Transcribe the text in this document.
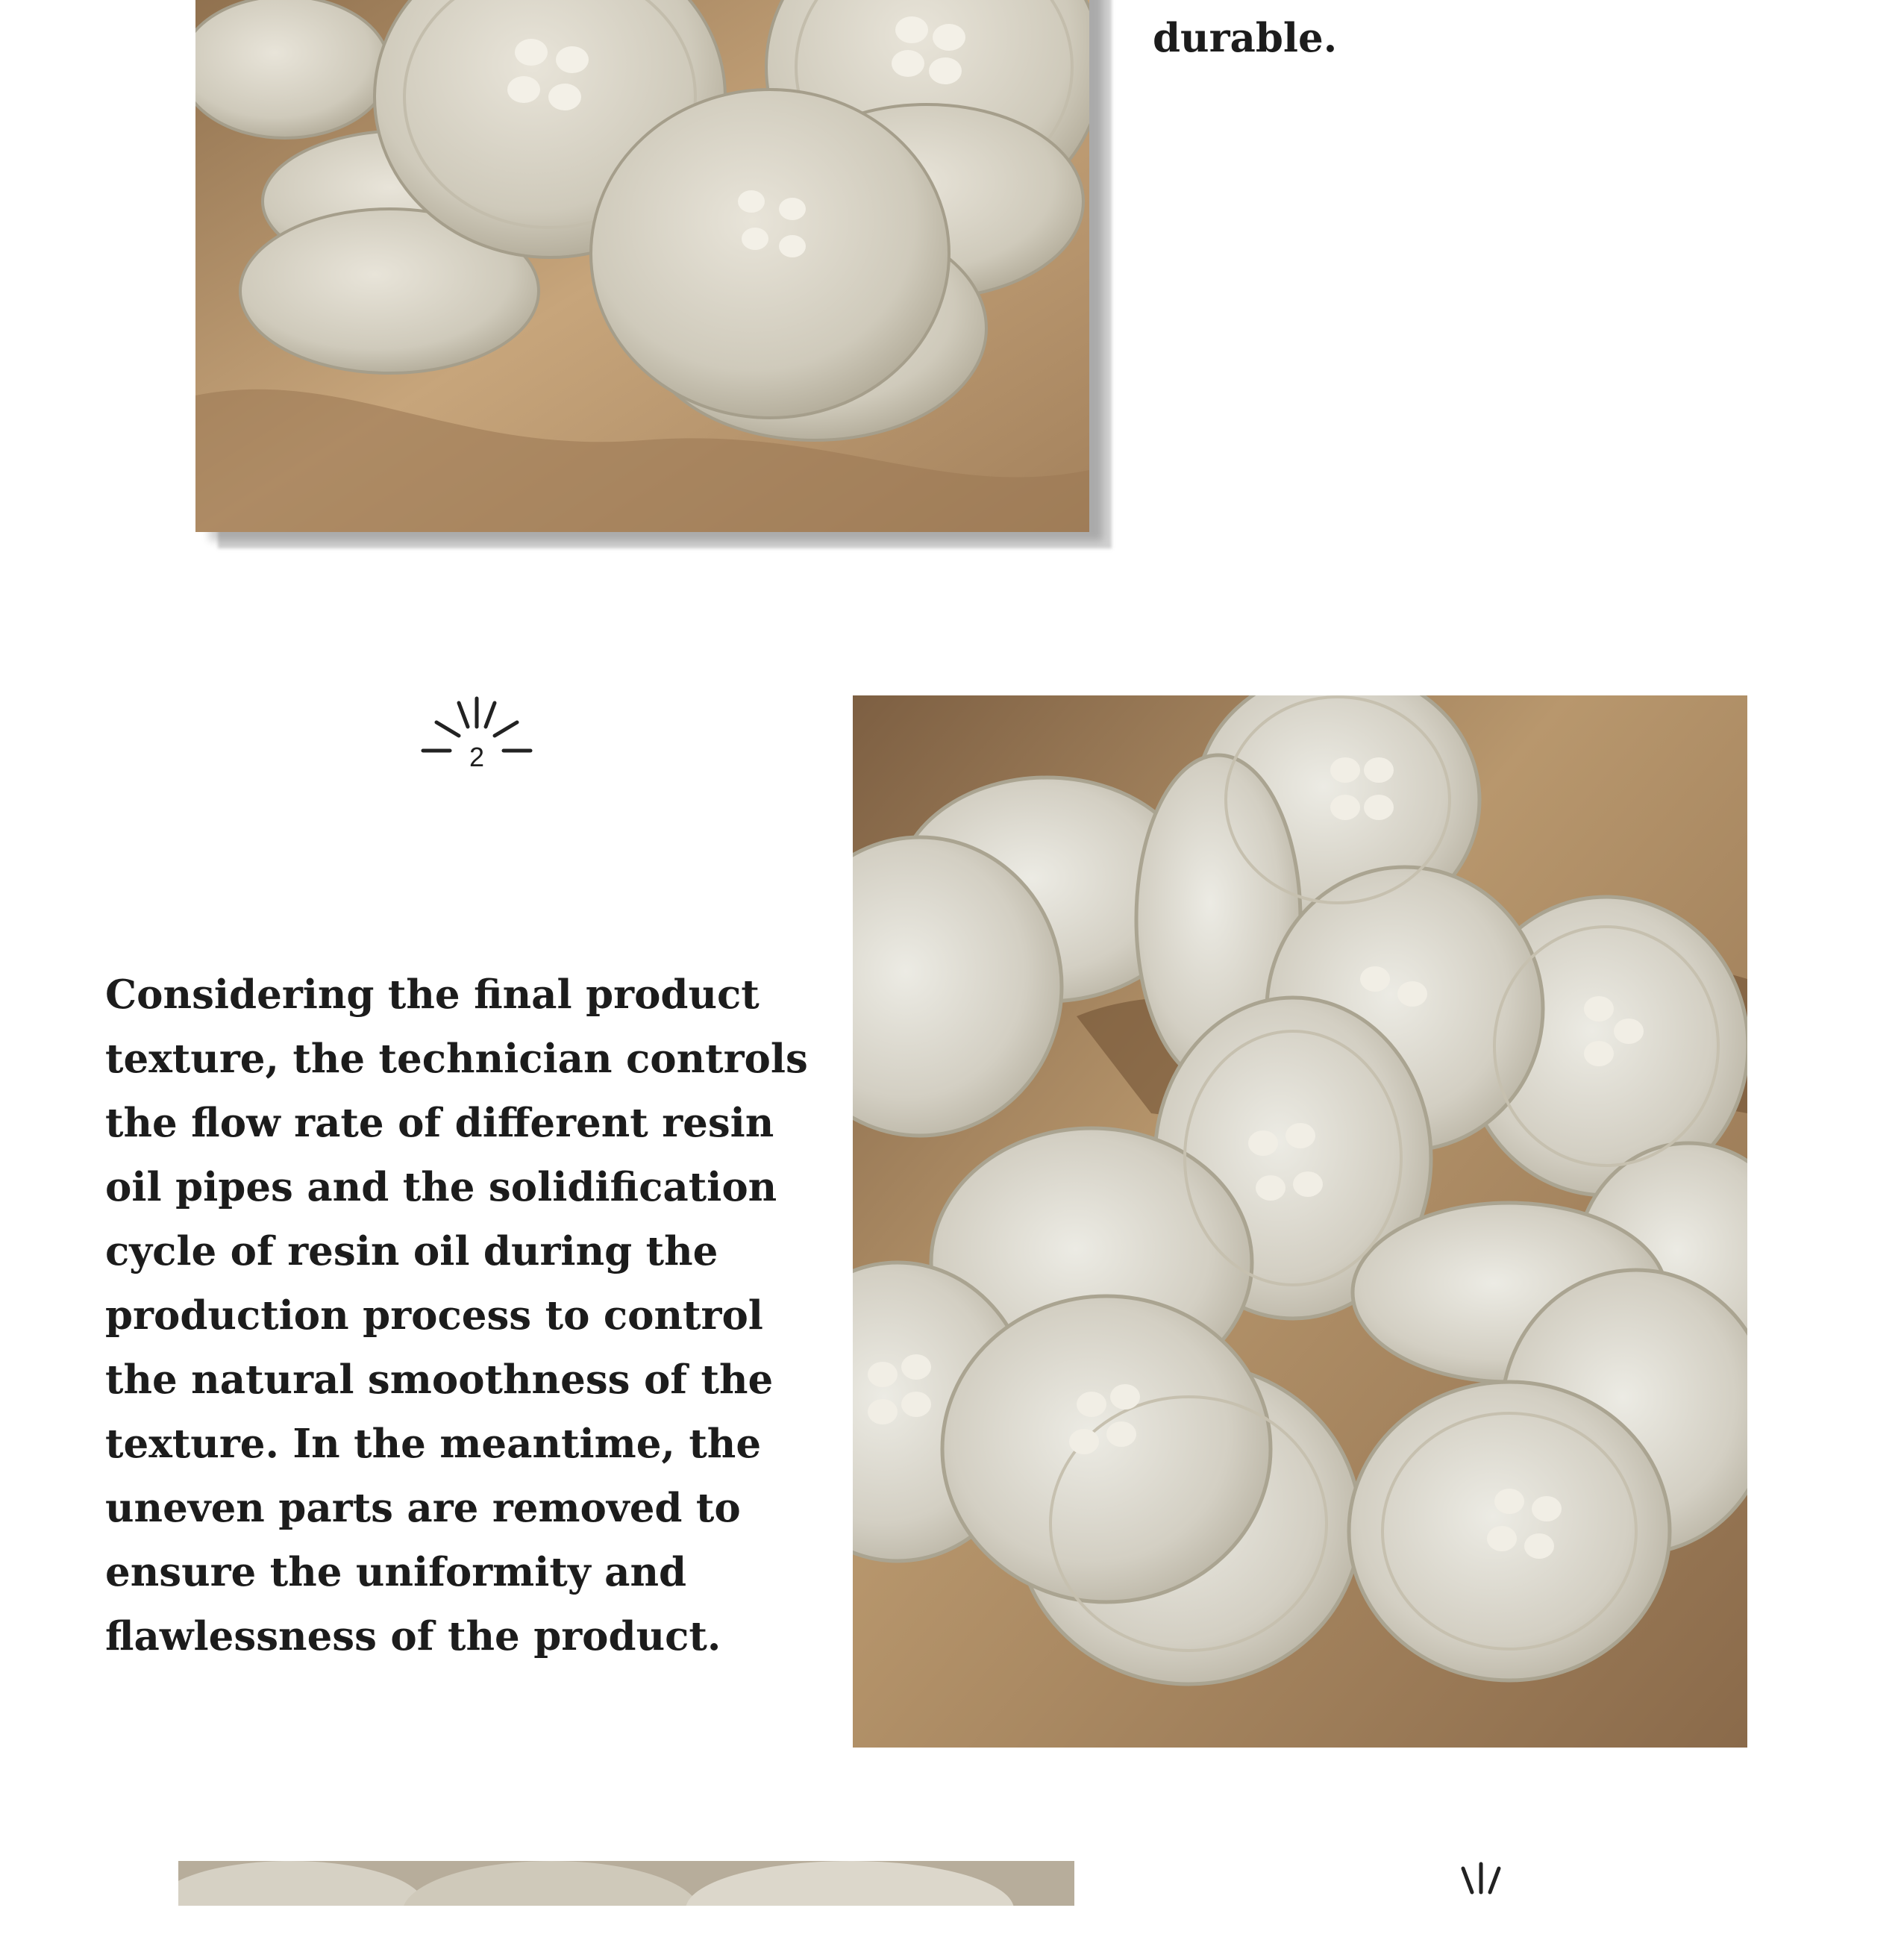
durable.

2

Considering the final product texture, the technician controls the flow rate of different resin oil pipes and the solidification cycle of resin oil during the production process to control the natural smoothness of the texture. In the meantime, the uneven parts are removed to ensure the uniformity and flawlessness of the product.
